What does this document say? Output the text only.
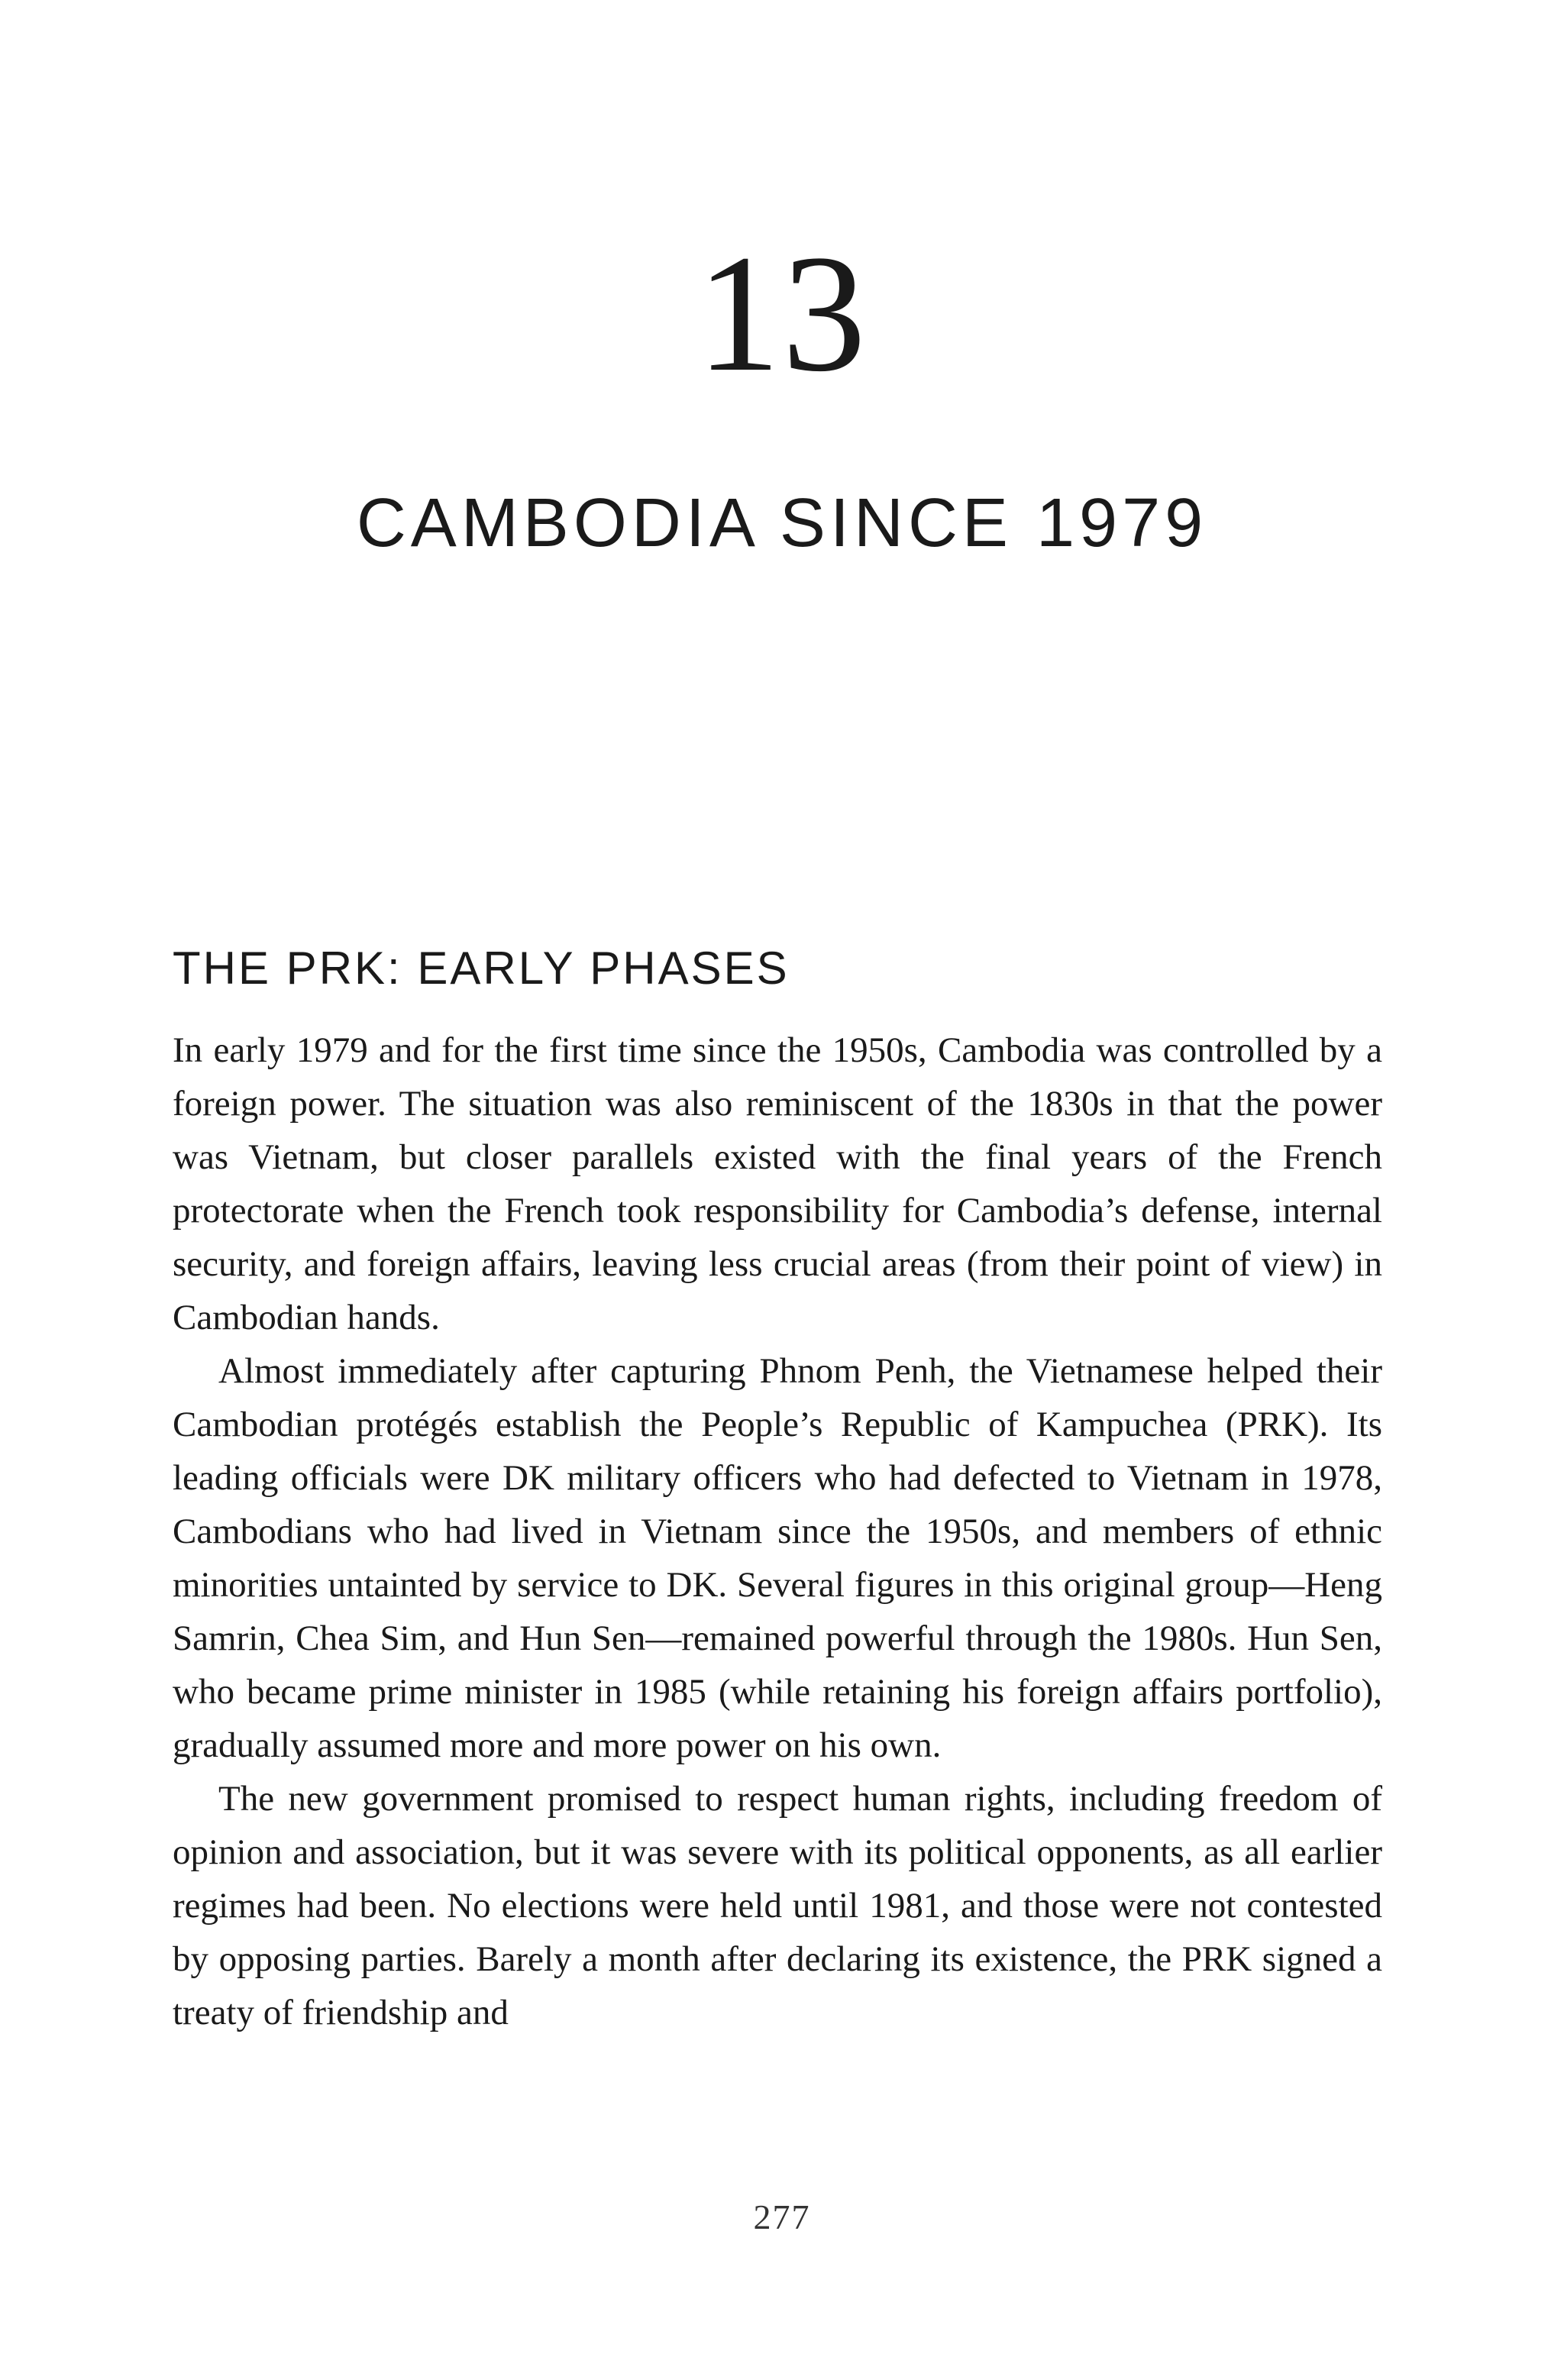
13
CAMBODIA SINCE 1979
THE PRK: EARLY PHASES

In early 1979 and for the first time since the 1950s, Cambodia was controlled by a foreign power. The situation was also reminiscent of the 1830s in that the power was Vietnam, but closer parallels existed with the final years of the French protectorate when the French took responsibility for Cambodia’s defense, internal security, and foreign affairs, leaving less crucial areas (from their point of view) in Cambodian hands.

Almost immediately after capturing Phnom Penh, the Vietnamese helped their Cambodian protégés establish the People’s Republic of Kampuchea (PRK). Its leading officials were DK military officers who had defected to Vietnam in 1978, Cambodians who had lived in Vietnam since the 1950s, and members of ethnic minorities untainted by service to DK. Several figures in this original group—Heng Samrin, Chea Sim, and Hun Sen—remained powerful through the 1980s. Hun Sen, who became prime minister in 1985 (while retaining his foreign affairs portfolio), gradually assumed more and more power on his own.

The new government promised to respect human rights, including freedom of opinion and association, but it was severe with its political opponents, as all earlier regimes had been. No elections were held until 1981, and those were not contested by opposing parties. Barely a month after declaring its existence, the PRK signed a treaty of friendship and

277
